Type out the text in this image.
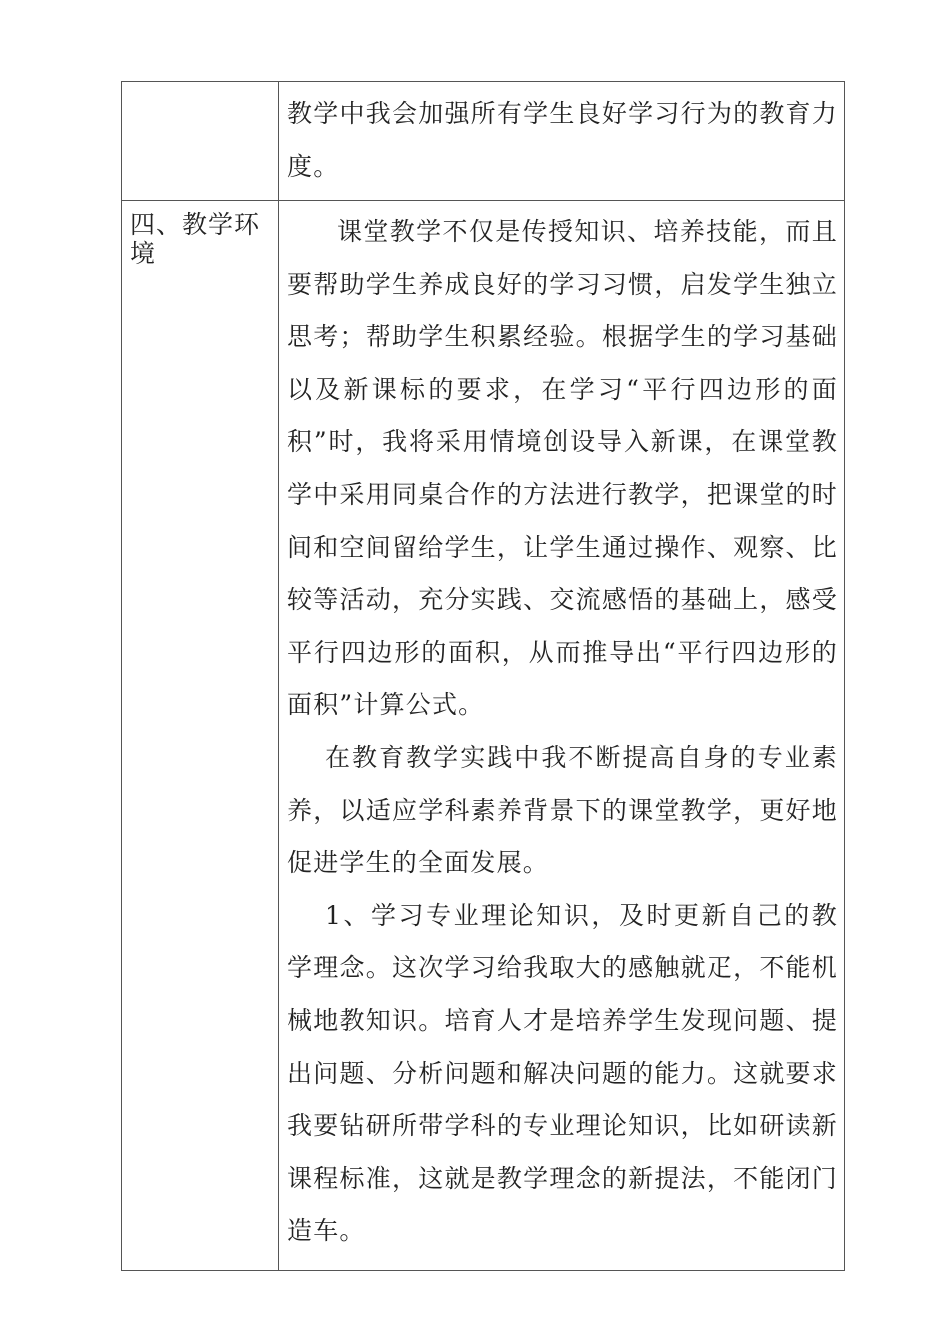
	教学中我会加强所有学生良好学习行为的教育力度。

四、教学环境	课堂教学不仅是传授知识、培养技能，而且要帮助学生养成良好的学习习惯，启发学生独立思考；帮助学生积累经验。根据学生的学习基础以及新课标的要求，在学习“平行四边形的面积”时，我将采用情境创设导入新课，在课堂教学中采用同桌合作的方法进行教学，把课堂的时间和空间留给学生，让学生通过操作、观察、比较等活动，充分实践、交流感悟的基础上，感受平行四边形的面积，从而推导出“平行四边形的面积”计算公式。

在教育教学实践中我不断提高自身的专业素养，以适应学科素养背景下的课堂教学，更好地促进学生的全面发展。

1、学习专业理论知识，及时更新自己的教学理念。这次学习给我取大的感触就疋，不能机械地教知识。培育人才是培养学生发现问题、提出问题、分析问题和解决问题的能力。这就要求我要钻研所带学科的专业理论知识，比如研读新课程标准，这就是教学理念的新提法，不能闭门造车。
